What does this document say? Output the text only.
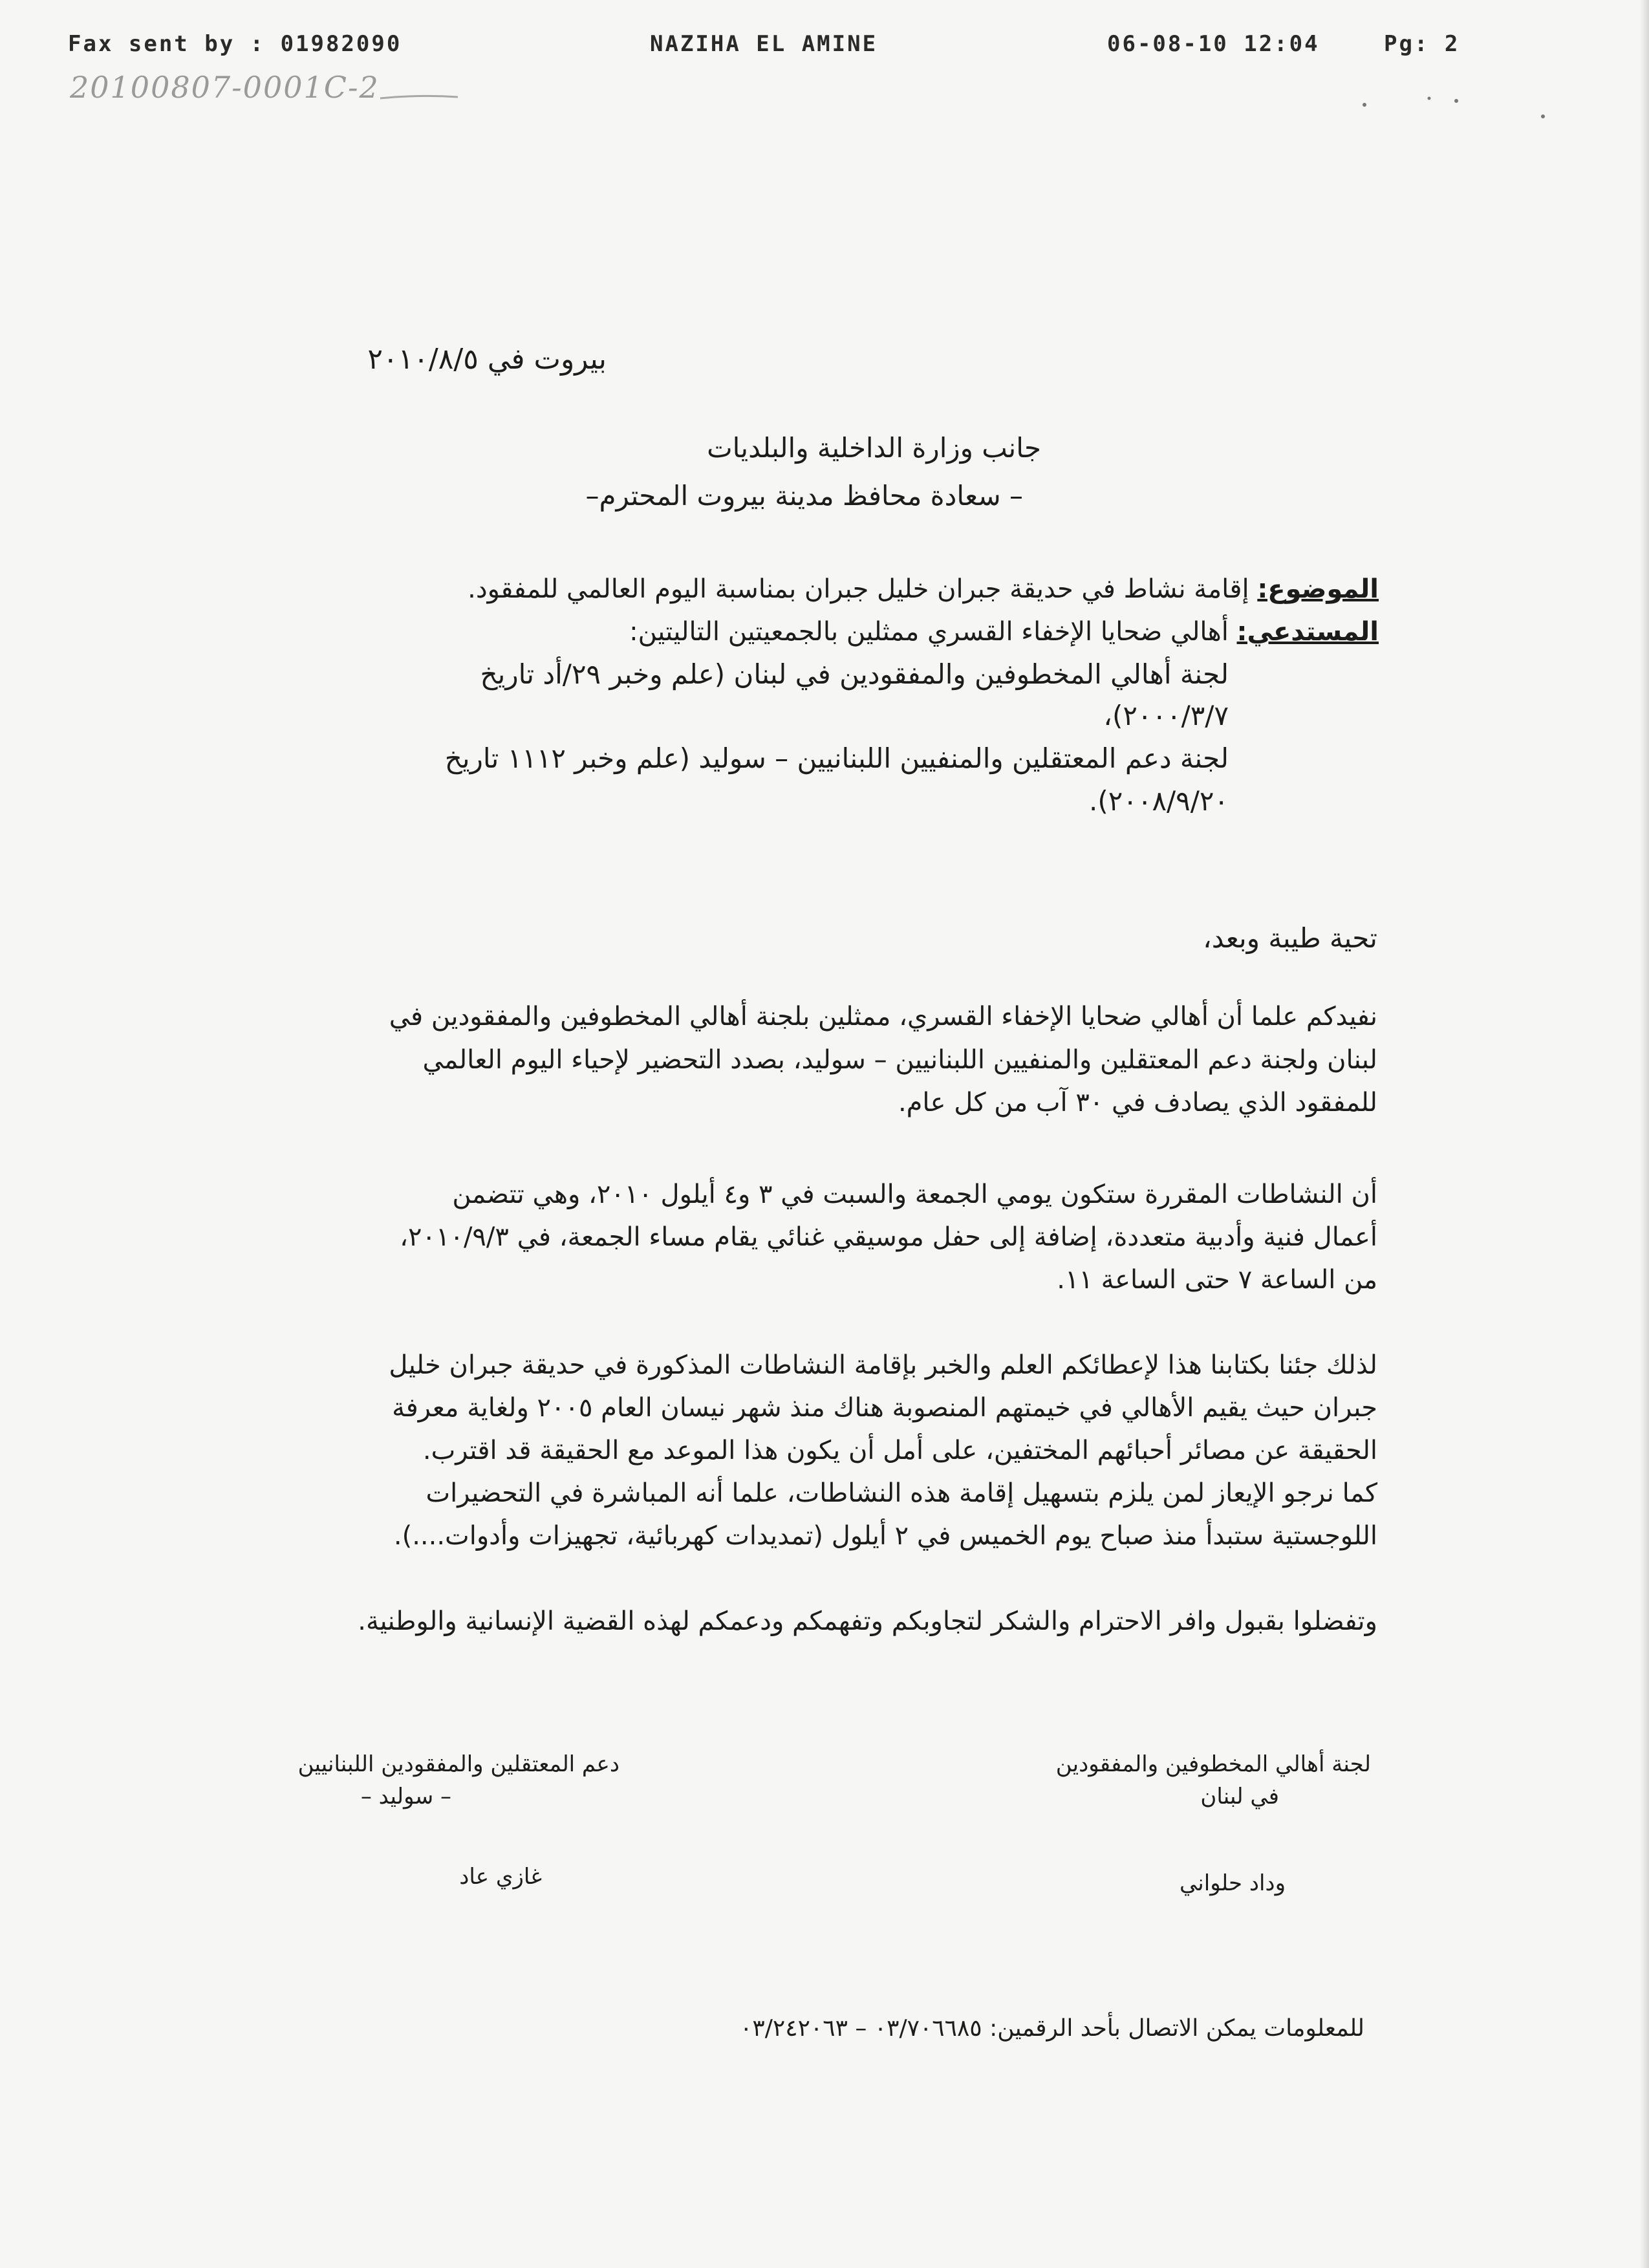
Fax sent by : 01982090	NAZIHA EL AMINE	06-08-10 12:04	Pg: 2
20100807-0001C-2
بيروت في ٢٠١٠/٨/٥
جانب وزارة الداخلية والبلديات
– سعادة محافظ مدينة بيروت المحترم–
الموضوع: إقامة نشاط في حديقة جبران خليل جبران بمناسبة اليوم العالمي للمفقود.
المستدعي: أهالي ضحايا الإخفاء القسري ممثلين بالجمعيتين التاليتين:
لجنة أهالي المخطوفين والمفقودين في لبنان (علم وخبر ٢٩/أد تاريخ
٢٠٠٠/٣/٧)،
لجنة دعم المعتقلين والمنفيين اللبنانيين – سوليد (علم وخبر ١١١٢ تاريخ
٢٠٠٨/٩/٢٠).
تحية طيبة وبعد،
نفيدكم علما أن أهالي ضحايا الإخفاء القسري، ممثلين بلجنة أهالي المخطوفين والمفقودين في
لبنان ولجنة دعم المعتقلين والمنفيين اللبنانيين – سوليد، بصدد التحضير لإحياء اليوم العالمي
للمفقود الذي يصادف في ٣٠ آب من كل عام.
أن النشاطات المقررة ستكون يومي الجمعة والسبت في ٣ و٤ أيلول ٢٠١٠، وهي تتضمن
أعمال فنية وأدبية متعددة، إضافة إلى حفل موسيقي غنائي يقام مساء الجمعة، في ٢٠١٠/٩/٣،
من الساعة ٧ حتى الساعة ١١.
لذلك جئنا بكتابنا هذا لإعطائكم العلم والخبر بإقامة النشاطات المذكورة في حديقة جبران خليل
جبران حيث يقيم الأهالي في خيمتهم المنصوبة هناك منذ شهر نيسان العام ٢٠٠٥ ولغاية معرفة
الحقيقة عن مصائر أحبائهم المختفين، على أمل أن يكون هذا الموعد مع الحقيقة قد اقترب.
كما نرجو الإيعاز لمن يلزم بتسهيل إقامة هذه النشاطات، علما أنه المباشرة في التحضيرات
اللوجستية ستبدأ منذ صباح يوم الخميس في ٢ أيلول (تمديدات كهربائية، تجهيزات وأدوات....).
وتفضلوا بقبول وافر الاحترام والشكر لتجاوبكم وتفهمكم ودعمكم لهذه القضية الإنسانية والوطنية.
لجنة أهالي المخطوفين والمفقودين
في لبنان
وداد حلواني
دعم المعتقلين والمفقودين اللبنانيين
– سوليد –
غازي عاد
للمعلومات يمكن الاتصال بأحد الرقمين: ٠٣/٧٠٦٦٨٥ – ٠٣/٢٤٢٠٦٣
